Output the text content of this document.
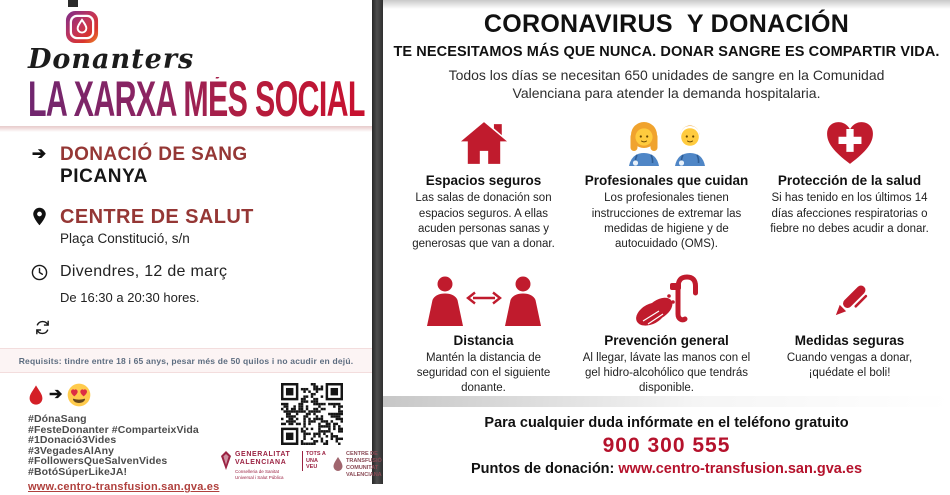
Donanters
LA XARXA MÉS SOCIAL
➔ DONACIÓ DE SANG
PICANYA
CENTRE DE SALUT
Plaça Constitució, s/n
Divendres, 12 de març
De 16:30 a 20:30 hores.
Requisits: tindre entre 18 i 65 anys, pesar més de 50 quilos i no acudir en dejú.
➔
#DónaSang
#FesteDonanter #ComparteixVida
#1Donació3Vides
#3VegadesAlAny
#FollowersQueSalvenVides
#BotóSúperLikeJA!
www.centro-transfusion.san.gva.es
GENERALITAT
VALENCIANA
Conselleria de Sanitat Universal i Salut Pública
TOTS A UNA VEU
CENTRE DE TRANSFUSIÓ
COMUNITAT VALENCIANA
CORONAVIRUS  Y DONACIÓN
TE NECESITAMOS MÁS QUE NUNCA. DONAR SANGRE ES COMPARTIR VIDA.
Todos los días se necesitan 650 unidades de sangre en la Comunidad Valenciana para atender la demanda hospitalaria.
Espacios seguros
Las salas de donación son espacios seguros. A ellas acuden personas sanas y generosas que van a donar.
Profesionales que cuidan
Los profesionales tienen instrucciones de extremar las medidas de higiene y de autocuidado (OMS).
Protección de la salud
Si has tenido en los últimos 14 días afecciones respiratorias o fiebre no debes acudir a donar.
Distancia
Mantén la distancia de seguridad con el siguiente donante.
Prevención general
Al llegar, lávate las manos con el gel hidro-alcohólico que tendrás disponible.
Medidas seguras
Cuando vengas a donar, ¡quédate el boli!
Para cualquier duda infórmate en el teléfono gratuito
900 300 555
Puntos de donación: www.centro-transfusion.san.gva.es
